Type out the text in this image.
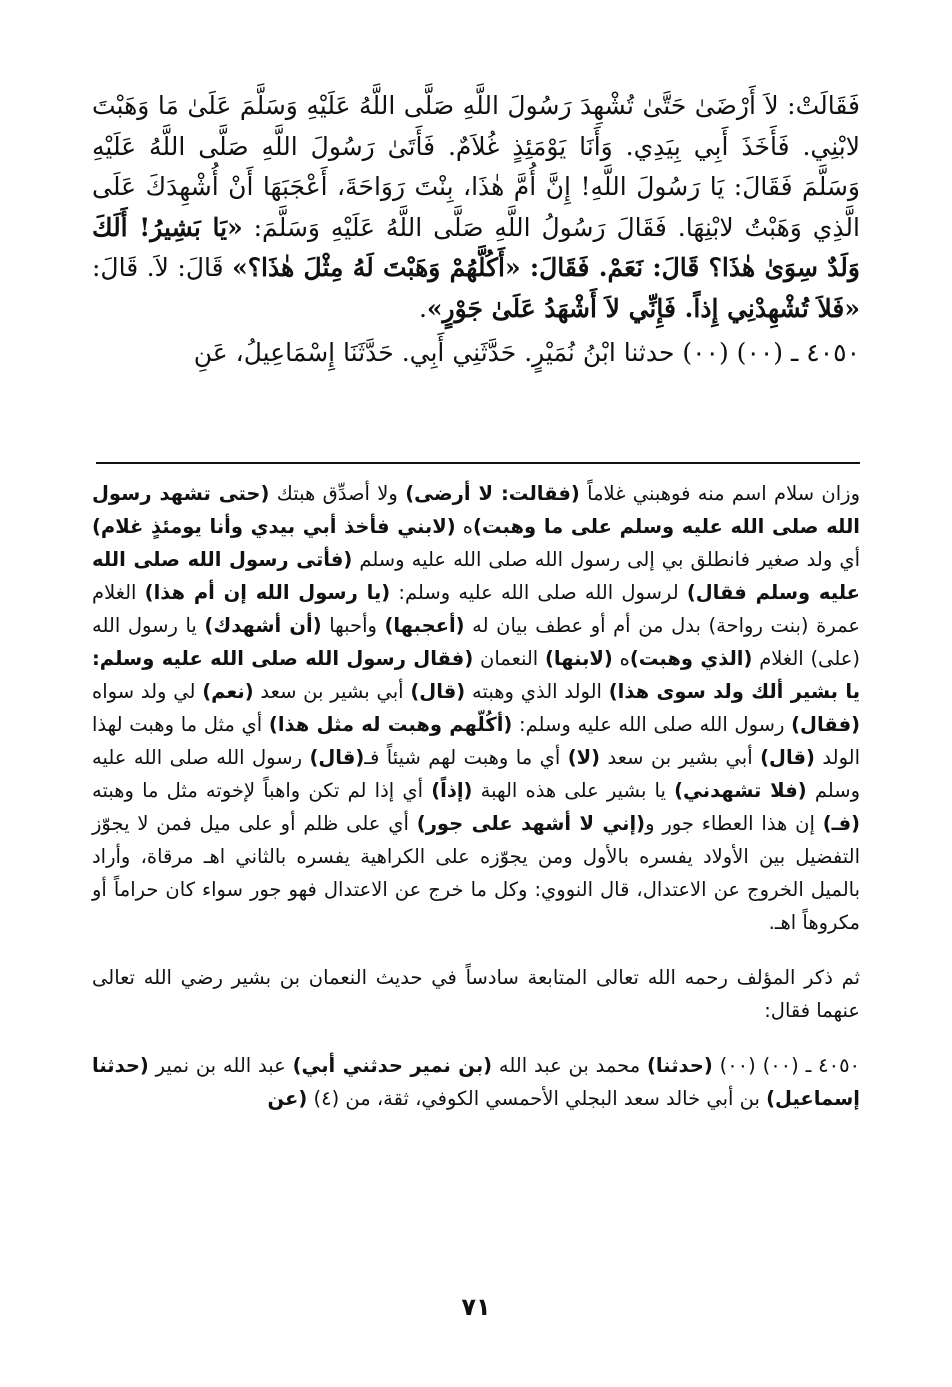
فَقَالَتْ: لاَ أَرْضَىٰ حَتَّىٰ تُشْهِدَ رَسُولَ اللَّهِ صَلَّى اللَّهُ عَلَيْهِ وَسَلَّمَ عَلَىٰ مَا وَهَبْتَ لابْنِي. فَأَخَذَ أَبِي بِيَدِي. وَأَنَا يَوْمَئِذٍ غُلاَمٌ. فَأَتَىٰ رَسُولَ اللَّهِ صَلَّى اللَّهُ عَلَيْهِ وَسَلَّمَ فَقَالَ: يَا رَسُولَ اللَّهِ! إِنَّ أُمَّ هٰذَا، بِنْتَ رَوَاحَةَ، أَعْجَبَهَا أَنْ أُشْهِدَكَ عَلَى الَّذِي وَهَبْتُ لابْنِهَا. فَقَالَ رَسُولُ اللَّهِ صَلَّى اللَّهُ عَلَيْهِ وَسَلَّمَ: «يَا بَشِيرُ! أَلَكَ وَلَدٌ سِوَىٰ هٰذَا؟ قَالَ: نَعَمْ. فَقَالَ: «أَكُلَّهُمْ وَهَبْتَ لَهُ مِثْلَ هٰذَا؟» قَالَ: لاَ. قَالَ: «فَلاَ تُشْهِدْنِي إِذاً. فَإِنِّي لاَ أَشْهَدُ عَلَىٰ جَوْرٍ».

٤٠٥٠ ـ (٠٠) (٠٠) حدثنا ابْنُ نُمَيْرٍ. حَدَّثَنِي أَبِي. حَدَّثَنَا إِسْمَاعِيلُ، عَنِ

وزان سلام اسم منه فوهبني غلاماً (فقالت: لا أرضى) ولا أصدِّق هبتك (حتى تشهد رسول الله صلى الله عليه وسلم على ما وهبت)ه (لابني فأخذ أبي بيدي وأنا يومئذٍ غلام) أي ولد صغير فانطلق بي إلى رسول الله صلى الله عليه وسلم (فأتى رسول الله صلى الله عليه وسلم فقال) لرسول الله صلى الله عليه وسلم: (يا رسول الله إن أم هذا) الغلام عمرة (بنت رواحة) بدل من أم أو عطف بيان له (أعجبها) وأحبها (أن أشهدك) يا رسول الله (على) الغلام (الذي وهبت)ه (لابنها) النعمان (فقال رسول الله صلى الله عليه وسلم: يا بشير ألك ولد سوى هذا) الولد الذي وهبته (قال) أبي بشير بن سعد (نعم) لي ولد سواه (فقال) رسول الله صلى الله عليه وسلم: (أكُلّهم وهبت له مثل هذا) أي مثل ما وهبت لهذا الولد (قال) أبي بشير بن سعد (لا) أي ما وهبت لهم شيئاً فـ(قال) رسول الله صلى الله عليه وسلم (فلا تشهدني) يا بشير على هذه الهبة (إذاً) أي إذا لم تكن واهباً لإخوته مثل ما وهبته (فـ) إن هذا العطاء جور و(إني لا أشهد على جور) أي على ظلم أو على ميل فمن لا يجوّز التفضيل بين الأولاد يفسره بالأول ومن يجوّزه على الكراهية يفسره بالثاني اهـ مرقاة، وأراد بالميل الخروج عن الاعتدال، قال النووي: وكل ما خرج عن الاعتدال فهو جور سواء كان حراماً أو مكروهاً اهـ.

ثم ذكر المؤلف رحمه الله تعالى المتابعة سادساً في حديث النعمان بن بشير رضي الله تعالى عنهما فقال:

٤٠٥٠ ـ (٠٠) (٠٠) (حدثنا) محمد بن عبد الله (بن نمير حدثني أبي) عبد الله بن نمير (حدثنا إسماعيل) بن أبي خالد سعد البجلي الأحمسي الكوفي، ثقة، من (٤) (عن

٧١
